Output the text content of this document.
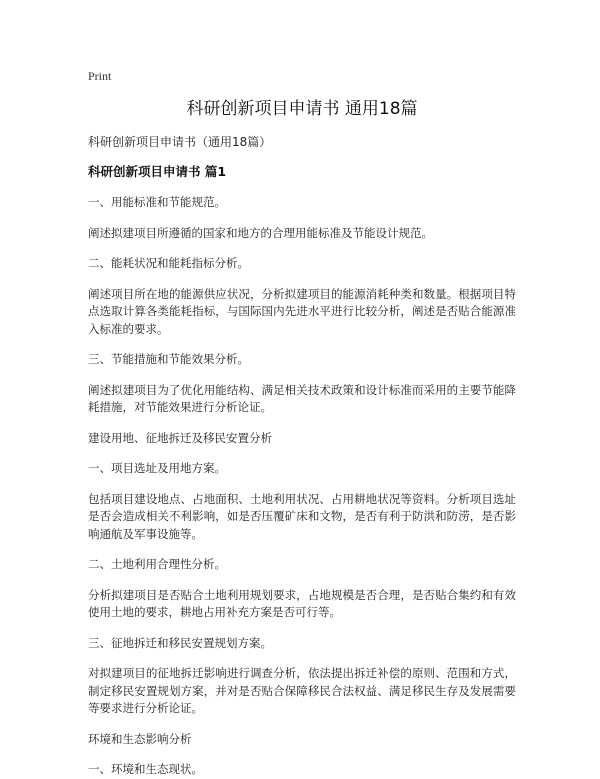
Print
科研创新项目申请书 通用18篇
科研创新项目申请书（通用18篇）
科研创新项目申请书 篇1

一、用能标准和节能规范。

阐述拟建项目所遵循的国家和地方的合理用能标准及节能设计规范。

二、能耗状况和能耗指标分析。

阐述项目所在地的能源供应状况，分析拟建项目的能源消耗种类和数量。根据项目特点选取计算各类能耗指标，与国际国内先进水平进行比较分析，阐述是否贴合能源准入标准的要求。

三、节能措施和节能效果分析。

阐述拟建项目为了优化用能结构、满足相关技术政策和设计标准而采用的主要节能降耗措施，对节能效果进行分析论证。

建设用地、征地拆迁及移民安置分析

一、项目选址及用地方案。

包括项目建设地点、占地面积、土地利用状况、占用耕地状况等资料。分析项目选址是否会造成相关不利影响，如是否压覆矿床和文物，是否有利于防洪和防涝，是否影响通航及军事设施等。

二、土地利用合理性分析。

分析拟建项目是否贴合土地利用规划要求，占地规模是否合理，是否贴合集约和有效使用土地的要求，耕地占用补充方案是否可行等。

三、征地拆迁和移民安置规划方案。

对拟建项目的征地拆迁影响进行调查分析，依法提出拆迁补偿的原则、范围和方式，制定移民安置规划方案，并对是否贴合保障移民合法权益、满足移民生存及发展需要等要求进行分析论证。

环境和生态影响分析

一、环境和生态现状。
